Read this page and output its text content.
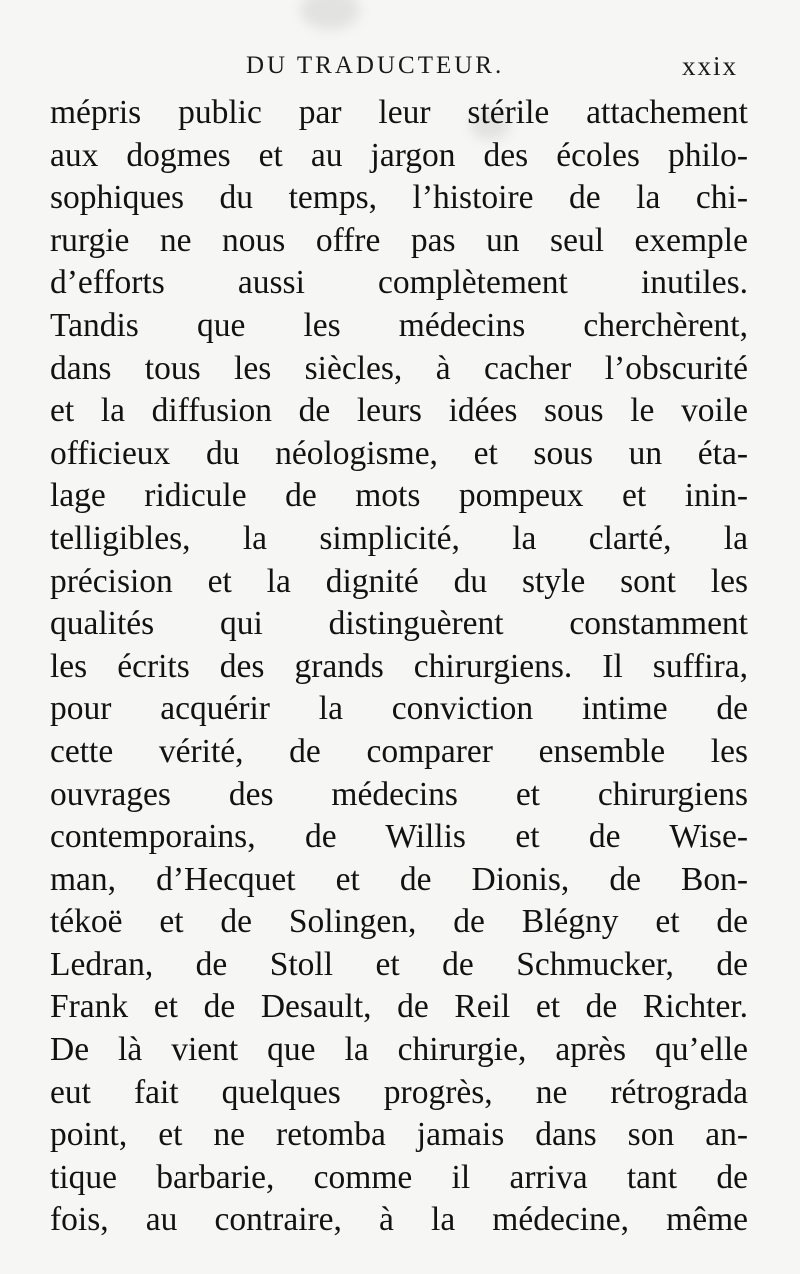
DU TRADUCTEUR.	xxix
mépris public par leur stérile attachement
aux dogmes et au jargon des écoles philo-
sophiques du temps, l’histoire de la chi-
rurgie ne nous offre pas un seul exemple
d’efforts aussi complètement inutiles.
Tandis que les médecins cherchèrent,
dans tous les siècles, à cacher l’obscurité
et la diffusion de leurs idées sous le voile
officieux du néologisme, et sous un éta-
lage ridicule de mots pompeux et inin-
telligibles, la simplicité, la clarté, la
précision et la dignité du style sont les
qualités qui distinguèrent constamment
les écrits des grands chirurgiens. Il suffira,
pour acquérir la conviction intime de
cette vérité, de comparer ensemble les
ouvrages des médecins et chirurgiens
contemporains, de Willis et de Wise-
man, d’Hecquet et de Dionis, de Bon-
tékoë et de Solingen, de Blégny et de
Ledran, de Stoll et de Schmucker, de
Frank et de Desault, de Reil et de Richter.
De là vient que la chirurgie, après qu’elle
eut fait quelques progrès, ne rétrograda
point, et ne retomba jamais dans son an-
tique barbarie, comme il arriva tant de
fois, au contraire, à la médecine, même
